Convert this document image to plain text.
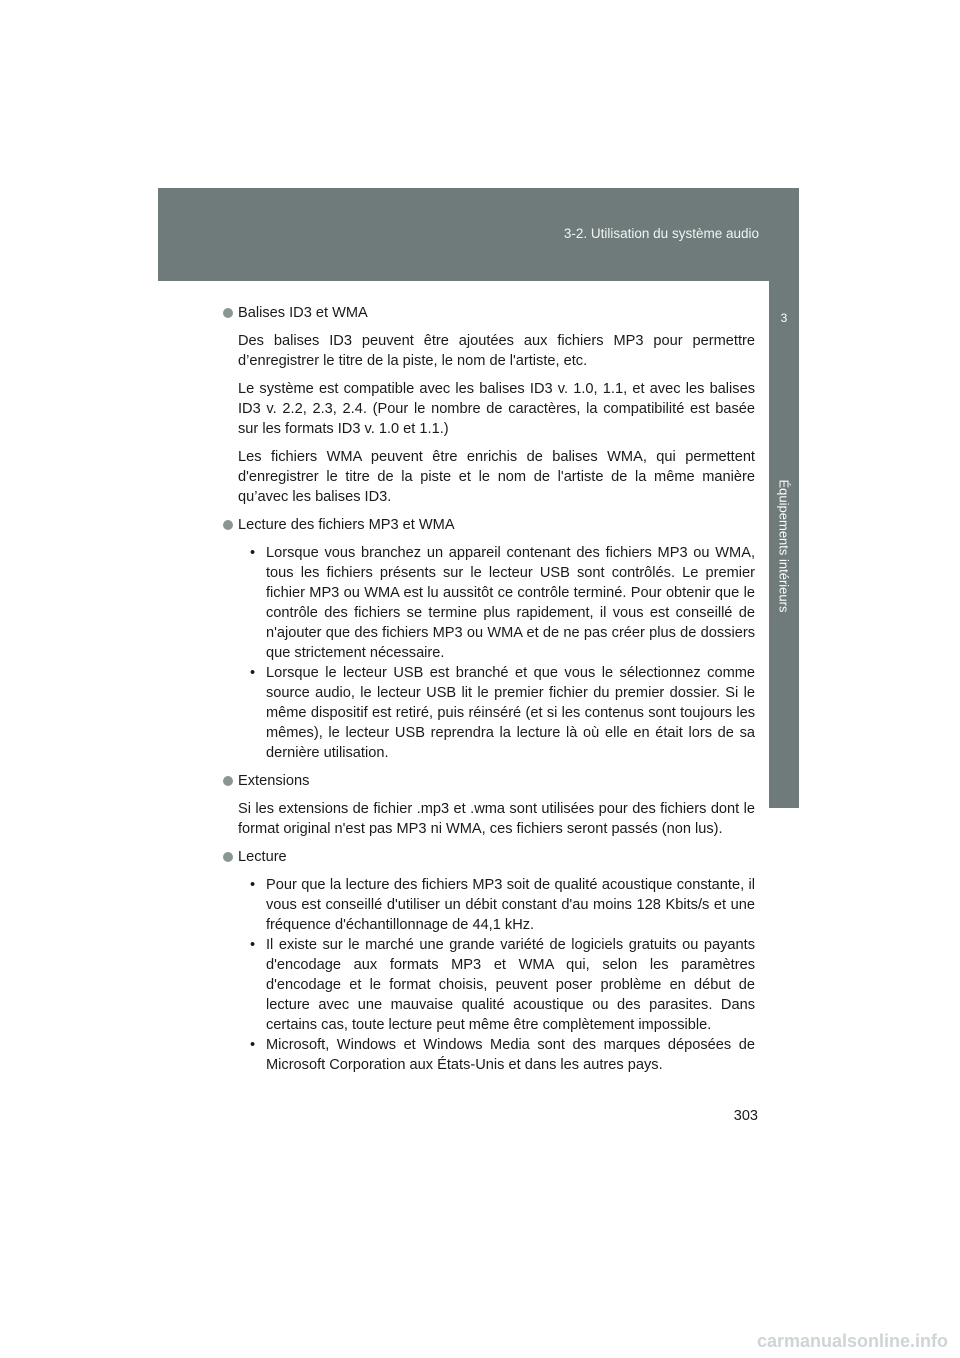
3-2. Utilisation du système audio
3
Équipements intérieurs
Balises ID3 et WMA

Des balises ID3 peuvent être ajoutées aux fichiers MP3 pour permettre d’enregistrer le titre de la piste, le nom de l'artiste, etc.

Le système est compatible avec les balises ID3 v. 1.0, 1.1, et avec les balises ID3 v. 2.2, 2.3, 2.4. (Pour le nombre de caractères, la compatibilité est basée sur les formats ID3 v. 1.0 et 1.1.)

Les fichiers WMA peuvent être enrichis de balises WMA, qui permettent d'enregistrer le titre de la piste et le nom de l'artiste de la même manière qu’avec les balises ID3.

Lecture des fichiers MP3 et WMA
• Lorsque vous branchez un appareil contenant des fichiers MP3 ou WMA, tous les fichiers présents sur le lecteur USB sont contrôlés. Le premier fichier MP3 ou WMA est lu aussitôt ce contrôle terminé. Pour obtenir que le contrôle des fichiers se termine plus rapidement, il vous est conseillé de n'ajouter que des fichiers MP3 ou WMA et de ne pas créer plus de dossiers que strictement nécessaire.
• Lorsque le lecteur USB est branché et que vous le sélectionnez comme source audio, le lecteur USB lit le premier fichier du premier dossier. Si le même dispositif est retiré, puis réinséré (et si les contenus sont toujours les mêmes), le lecteur USB reprendra la lecture là où elle en était lors de sa dernière utilisation.
Extensions

Si les extensions de fichier .mp3 et .wma sont utilisées pour des fichiers dont le format original n'est pas MP3 ni WMA, ces fichiers seront passés (non lus).

Lecture
• Pour que la lecture des fichiers MP3 soit de qualité acoustique constante, il vous est conseillé d'utiliser un débit constant d'au moins 128 Kbits/s et une fréquence d'échantillonnage de 44,1 kHz.
• Il existe sur le marché une grande variété de logiciels gratuits ou payants d'encodage aux formats MP3 et WMA qui, selon les paramètres d'encodage et le format choisis, peuvent poser problème en début de lecture avec une mauvaise qualité acoustique ou des parasites. Dans certains cas, toute lecture peut même être complètement impossible.
• Microsoft, Windows et Windows Media sont des marques déposées de Microsoft Corporation aux États-Unis et dans les autres pays.
303
carmanualsonline.info
